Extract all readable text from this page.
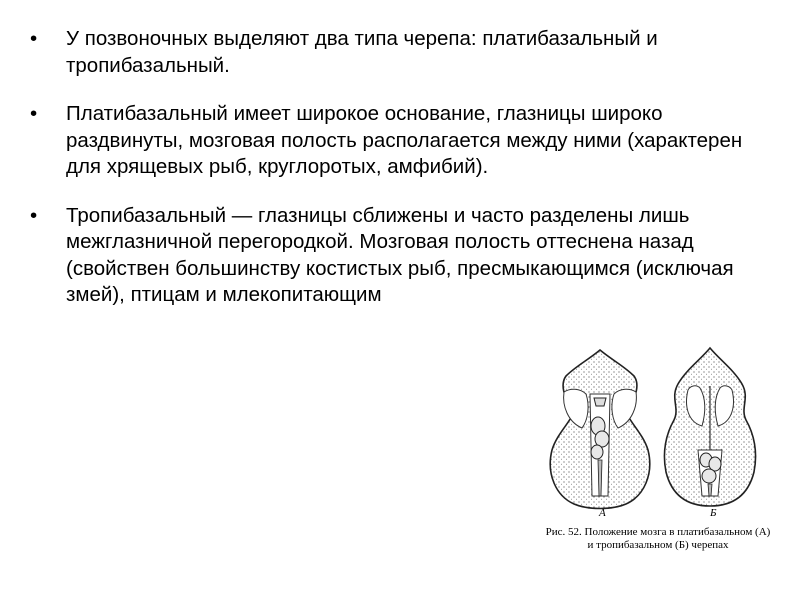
• У позвоночных выделяют два типа черепа: платибазальный и тропибазальный.
• Платибазальный имеет широкое основание, глазницы широко раздвинуты, мозговая полость располагается между ними (характерен для хрящевых рыб, круглоротых, амфибий).
• Тропибазальный — глазницы сближены и часто разделены лишь межглазничной перегородкой. Мозговая полость оттеснена назад (свойствен большинству костистых рыб, пресмыкающимся (исключая змей), птицам и млекопитающим
А	Б
Рис. 52. Положение мозга в платибазальном (А) и тропибазальном (Б) черепах
